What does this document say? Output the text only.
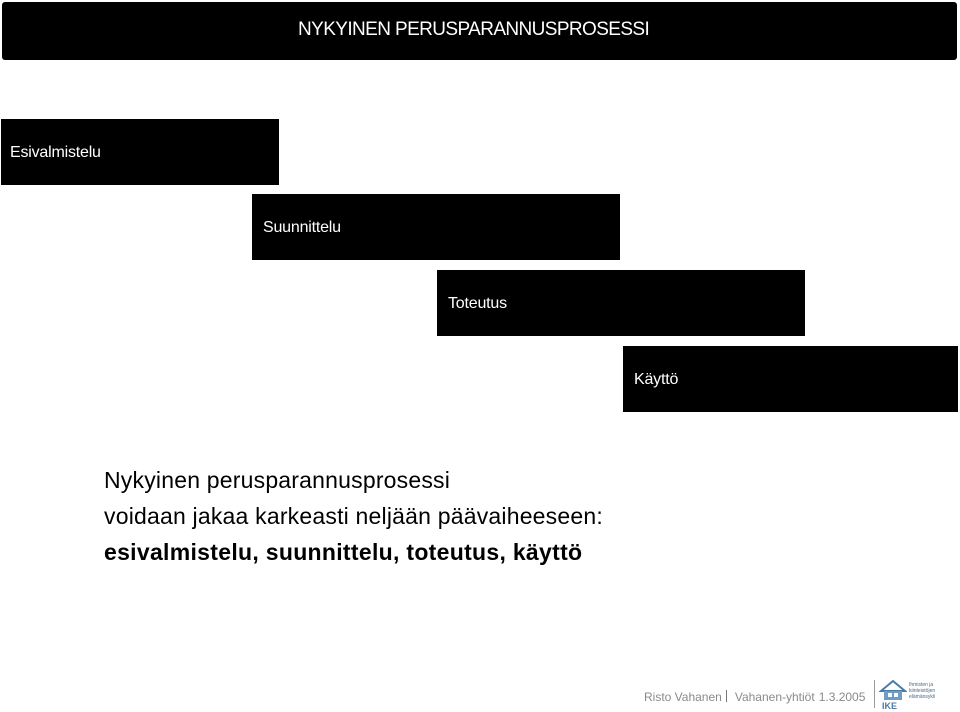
NYKYINEN PERUSPARANNUSPROSESSI
Esivalmistelu
Suunnittelu
Toteutus
Käyttö
Nykyinen perusparannusprosessi
voidaan jakaa karkeasti neljään päävaiheeseen:
esivalmistelu, suunnittelu, toteutus, käyttö
Risto Vahanen Vahanen-yhtiöt 1.3.2005
IKE
Ihmisten ja
kiinteistöjen
elämänsykli
